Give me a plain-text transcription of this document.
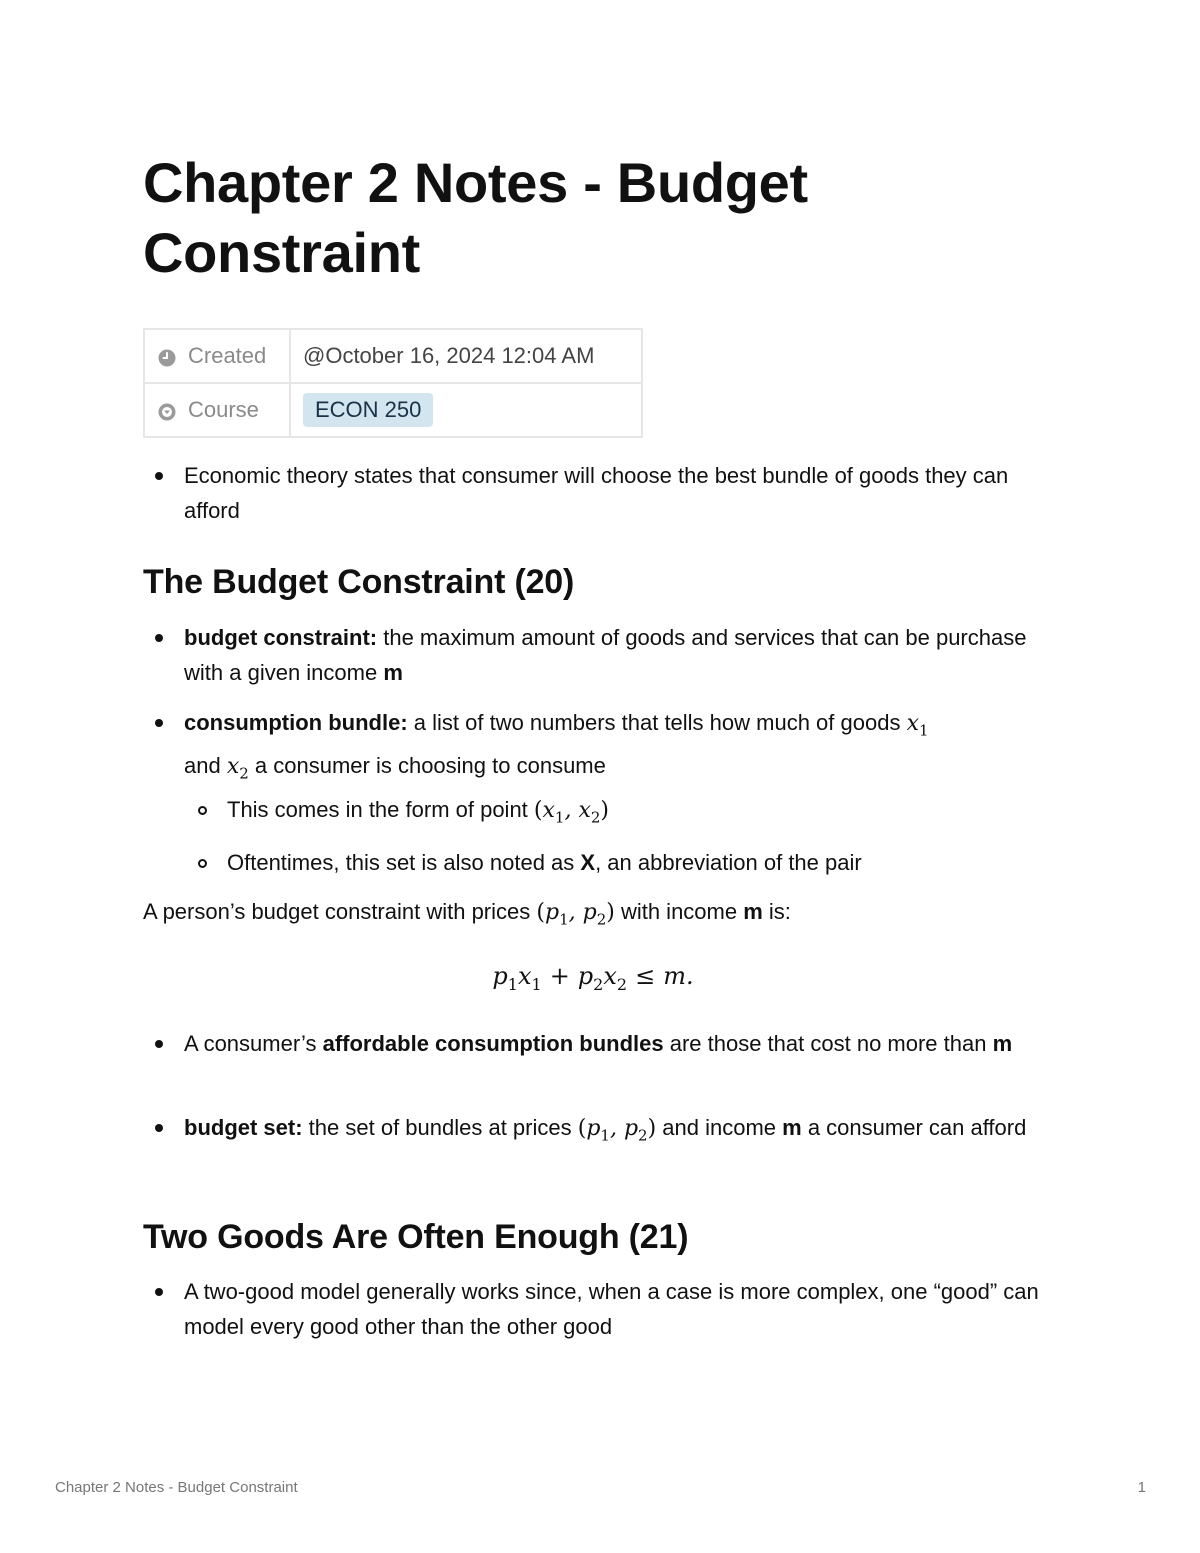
Chapter 2 Notes - Budget Constraint
Created	@October 16, 2024 12:04 AM

Course	ECON 250
Economic theory states that consumer will choose the best bundle of goods they can afford
The Budget Constraint (20)
budget constraint: the maximum amount of goods and services that can be purchase with a given income m
consumption bundle: a list of two numbers that tells how much of goods $x_1$
and $x_2$ a consumer is choosing to consume
This comes in the form of point ($x_1$, $x_2$)
Oftentimes, this set is also noted as X, an abbreviation of the pair
A person’s budget constraint with prices ($p_1$, $p_2$) with income m is:
$p_1x_1 + p_2x_2 \le m$.
A consumer’s affordable consumption bundles are those that cost no more than m
budget set: the set of bundles at prices ($p_1$, $p_2$) and income m a consumer can afford
Two Goods Are Often Enough (21)
A two-good model generally works since, when a case is more complex, one “good” can model every good other than the other good
Chapter 2 Notes - Budget Constraint	1
